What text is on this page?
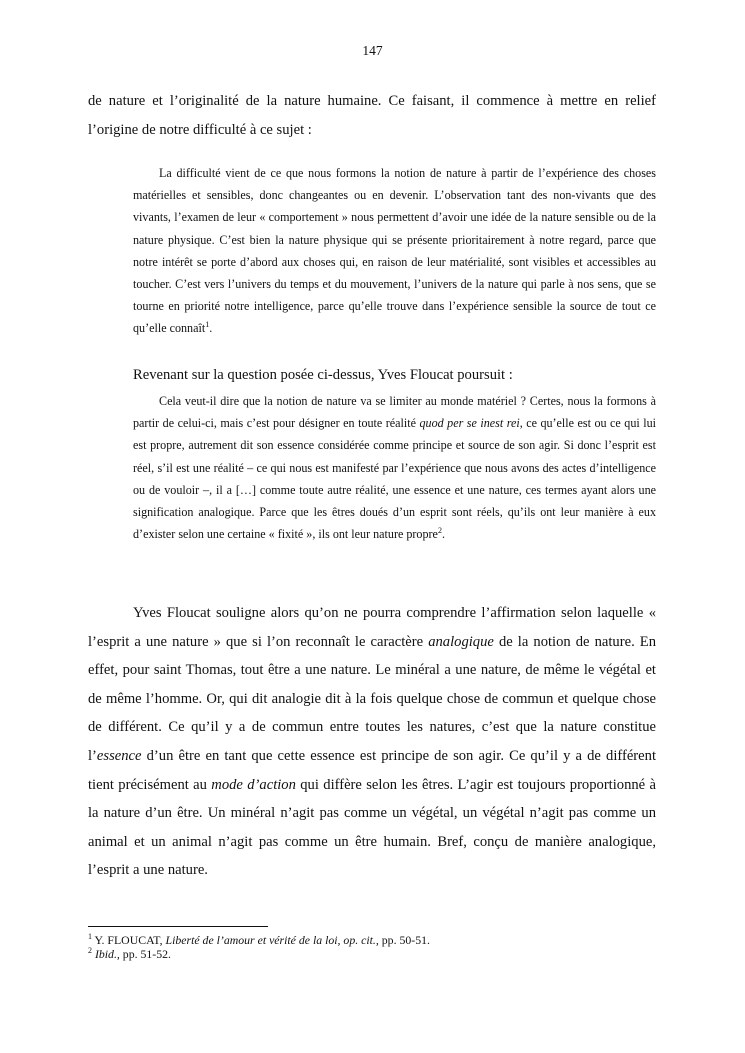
147

de nature et l’originalité de la nature humaine. Ce faisant, il commence à mettre en relief l’origine de notre difficulté à ce sujet :

La difficulté vient de ce que nous formons la notion de nature à partir de l’expérience des choses matérielles et sensibles, donc changeantes ou en devenir. L’observation tant des non-vivants que des vivants, l’examen de leur « comportement » nous permettent d’avoir une idée de la nature sensible ou de la nature physique. C’est bien la nature physique qui se présente prioritairement à notre regard, parce que notre intérêt se porte d’abord aux choses qui, en raison de leur matérialité, sont visibles et accessibles au toucher. C’est vers l’univers du temps et du mouvement, l’univers de la nature qui parle à nos sens, que se tourne en priorité notre intelligence, parce qu’elle trouve dans l’expérience sensible la source de tout ce qu’elle connaît$^1$.

Revenant sur la question posée ci-dessus, Yves Floucat poursuit :

Cela veut-il dire que la notion de nature va se limiter au monde matériel ? Certes, nous la formons à partir de celui-ci, mais c’est pour désigner en toute réalité quod per se inest rei, ce qu’elle est ou ce qui lui est propre, autrement dit son essence considérée comme principe et source de son agir. Si donc l’esprit est réel, s’il est une réalité – ce qui nous est manifesté par l’expérience que nous avons des actes d’intelligence ou de vouloir –, il a […] comme toute autre réalité, une essence et une nature, ces termes ayant alors une signification analogique. Parce que les êtres doués d’un esprit sont réels, qu’ils ont leur manière à eux d’exister selon une certaine « fixité », ils ont leur nature propre$^2$.

Yves Floucat souligne alors qu’on ne pourra comprendre l’affirmation selon laquelle « l’esprit a une nature » que si l’on reconnaît le caractère analogique de la notion de nature. En effet, pour saint Thomas, tout être a une nature. Le minéral a une nature, de même le végétal et de même l’homme. Or, qui dit analogie dit à la fois quelque chose de commun et quelque chose de différent. Ce qu’il y a de commun entre toutes les natures, c’est que la nature constitue l’essence d’un être en tant que cette essence est principe de son agir. Ce qu’il y a de différent tient précisément au mode d’action qui diffère selon les êtres. L’agir est toujours proportionné à la nature d’un être. Un minéral n’agit pas comme un végétal, un végétal n’agit pas comme un animal et un animal n’agit pas comme un être humain. Bref, conçu de manière analogique, l’esprit a une nature.

$^1$ Y. FLOUCAT, Liberté de l’amour et vérité de la loi, op. cit., pp. 50-51.

$^2$ Ibid., pp. 51-52.
